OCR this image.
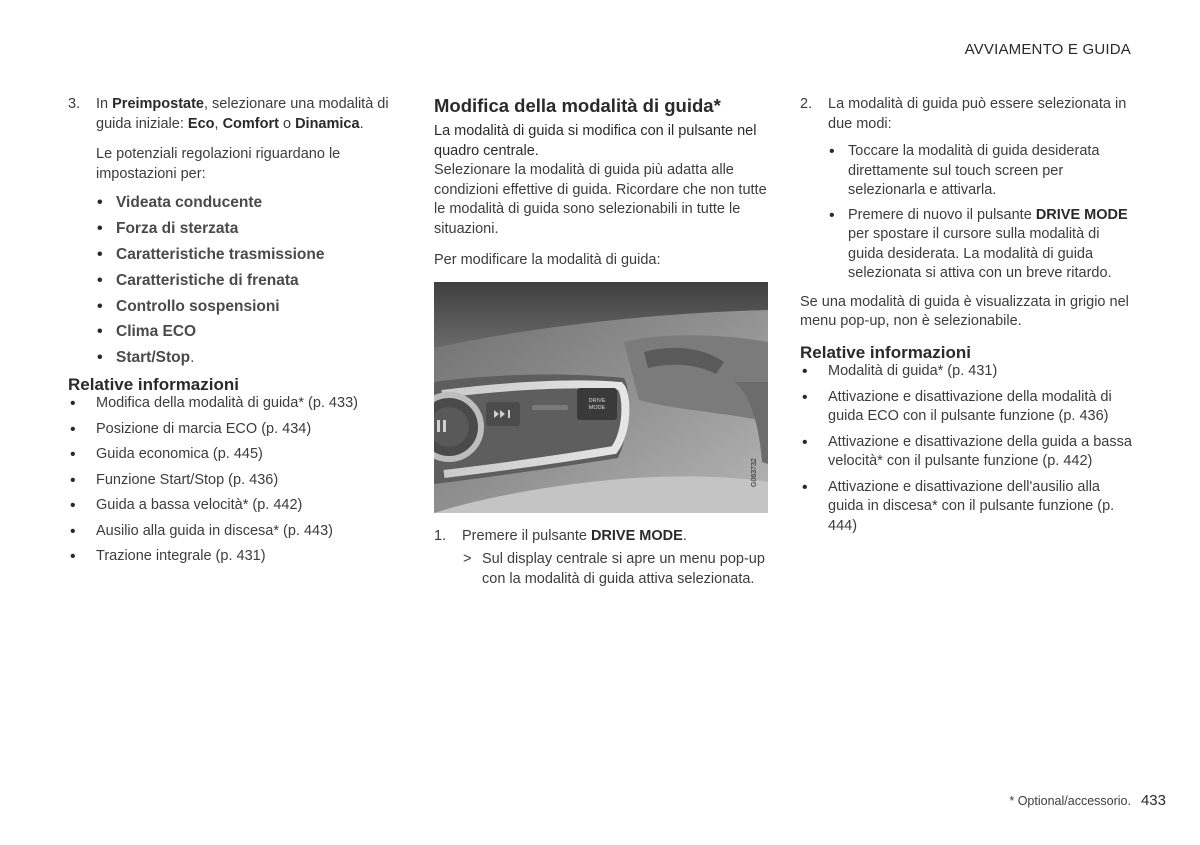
AVVIAMENTO E GUIDA
3. In Preimpostate, selezionare una modalità di guida iniziale: Eco, Comfort o Dinamica.

Le potenziali regolazioni riguardano le impostazioni per:

• Videata conducente
• Forza di sterzata
• Caratteristiche trasmissione
• Caratteristiche di frenata
• Controllo sospensioni
• Clima ECO
• Start/Stop.

Relative informazioni

• Modifica della modalità di guida* (p. 433)
• Posizione di marcia ECO (p. 434)
• Guida economica (p. 445)
• Funzione Start/Stop (p. 436)
• Guida a bassa velocità* (p. 442)
• Ausilio alla guida in discesa* (p. 443)
• Trazione integrale (p. 431)
Modifica della modalità di guida*

La modalità di guida si modifica con il pulsante nel quadro centrale.

Selezionare la modalità di guida più adatta alle condizioni effettive di guida. Ricordare che non tutte le modalità di guida sono selezionabili in tutte le situazioni.

Per modificare la modalità di guida:

DRIVE
MODE
G063732
1. Premere il pulsante DRIVE MODE.

> Sul display centrale si apre un menu pop-up con la modalità di guida attiva selezionata.

2. La modalità di guida può essere selezionata in due modi:

• Toccare la modalità di guida desiderata direttamente sul touch screen per selezionarla e attivarla.
• Premere di nuovo il pulsante DRIVE MODE per spostare il cursore sulla modalità di guida desiderata. La modalità di guida selezionata si attiva con un breve ritardo.

Se una modalità di guida è visualizzata in grigio nel menu pop-up, non è selezionabile.

Relative informazioni

• Modalità di guida* (p. 431)
• Attivazione e disattivazione della modalità di guida ECO con il pulsante funzione (p. 436)
• Attivazione e disattivazione della guida a bassa velocità* con il pulsante funzione (p. 442)
• Attivazione e disattivazione dell'ausilio alla guida in discesa* con il pulsante funzione (p. 444)
* Optional/accessorio. 433
